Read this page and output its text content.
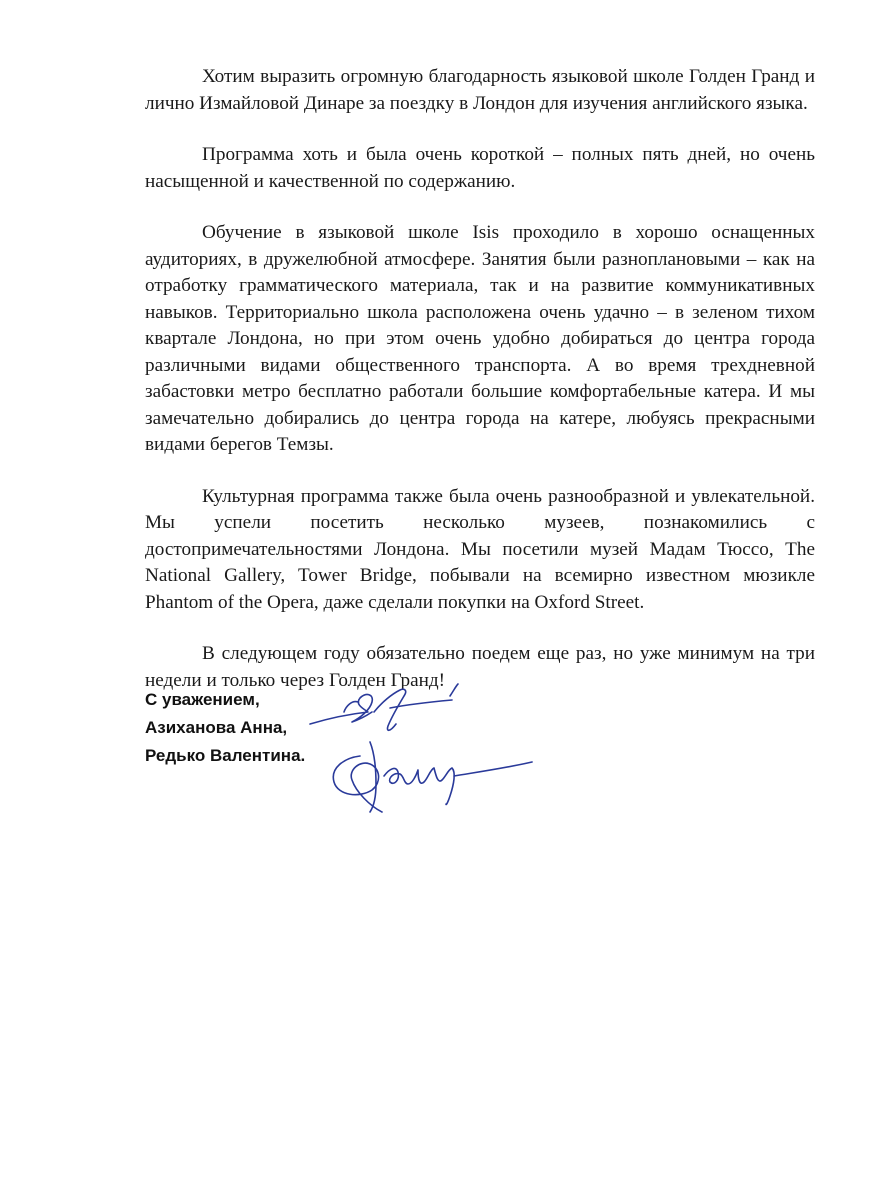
Хотим выразить огромную благодарность языковой школе Голден Гранд и лично Измайловой Динаре за поездку в Лондон для изучения английского языка.

Программа хоть и была очень короткой – полных пять дней, но очень насыщенной и качественной по содержанию.

Обучение в языковой школе Isis проходило в хорошо оснащенных аудиториях, в дружелюбной атмосфере. Занятия были разноплановыми – как на отработку грамматического материала, так и на развитие коммуникативных навыков. Территориально школа расположена очень удачно – в зеленом тихом квартале Лондона, но при этом очень удобно добираться до центра города различными видами общественного транспорта. А во время трехдневной забастовки метро бесплатно работали большие комфортабельные катера. И мы замечательно добирались до центра города на катере, любуясь прекрасными видами берегов Темзы.

Культурная программа также была очень разнообразной и увлекательной. Мы успели посетить несколько музеев, познакомились с достопримечательностями Лондона. Мы посетили музей Мадам Тюссо, The National Gallery, Tower Bridge, побывали на всемирно известном мюзикле Phantom of the Opera, даже сделали покупки на Oxford Street.

В следующем году обязательно поедем еще раз, но уже минимум на три недели и только через Голден Гранд!

С уважением,
Азиханова Анна,
Редько Валентина.
